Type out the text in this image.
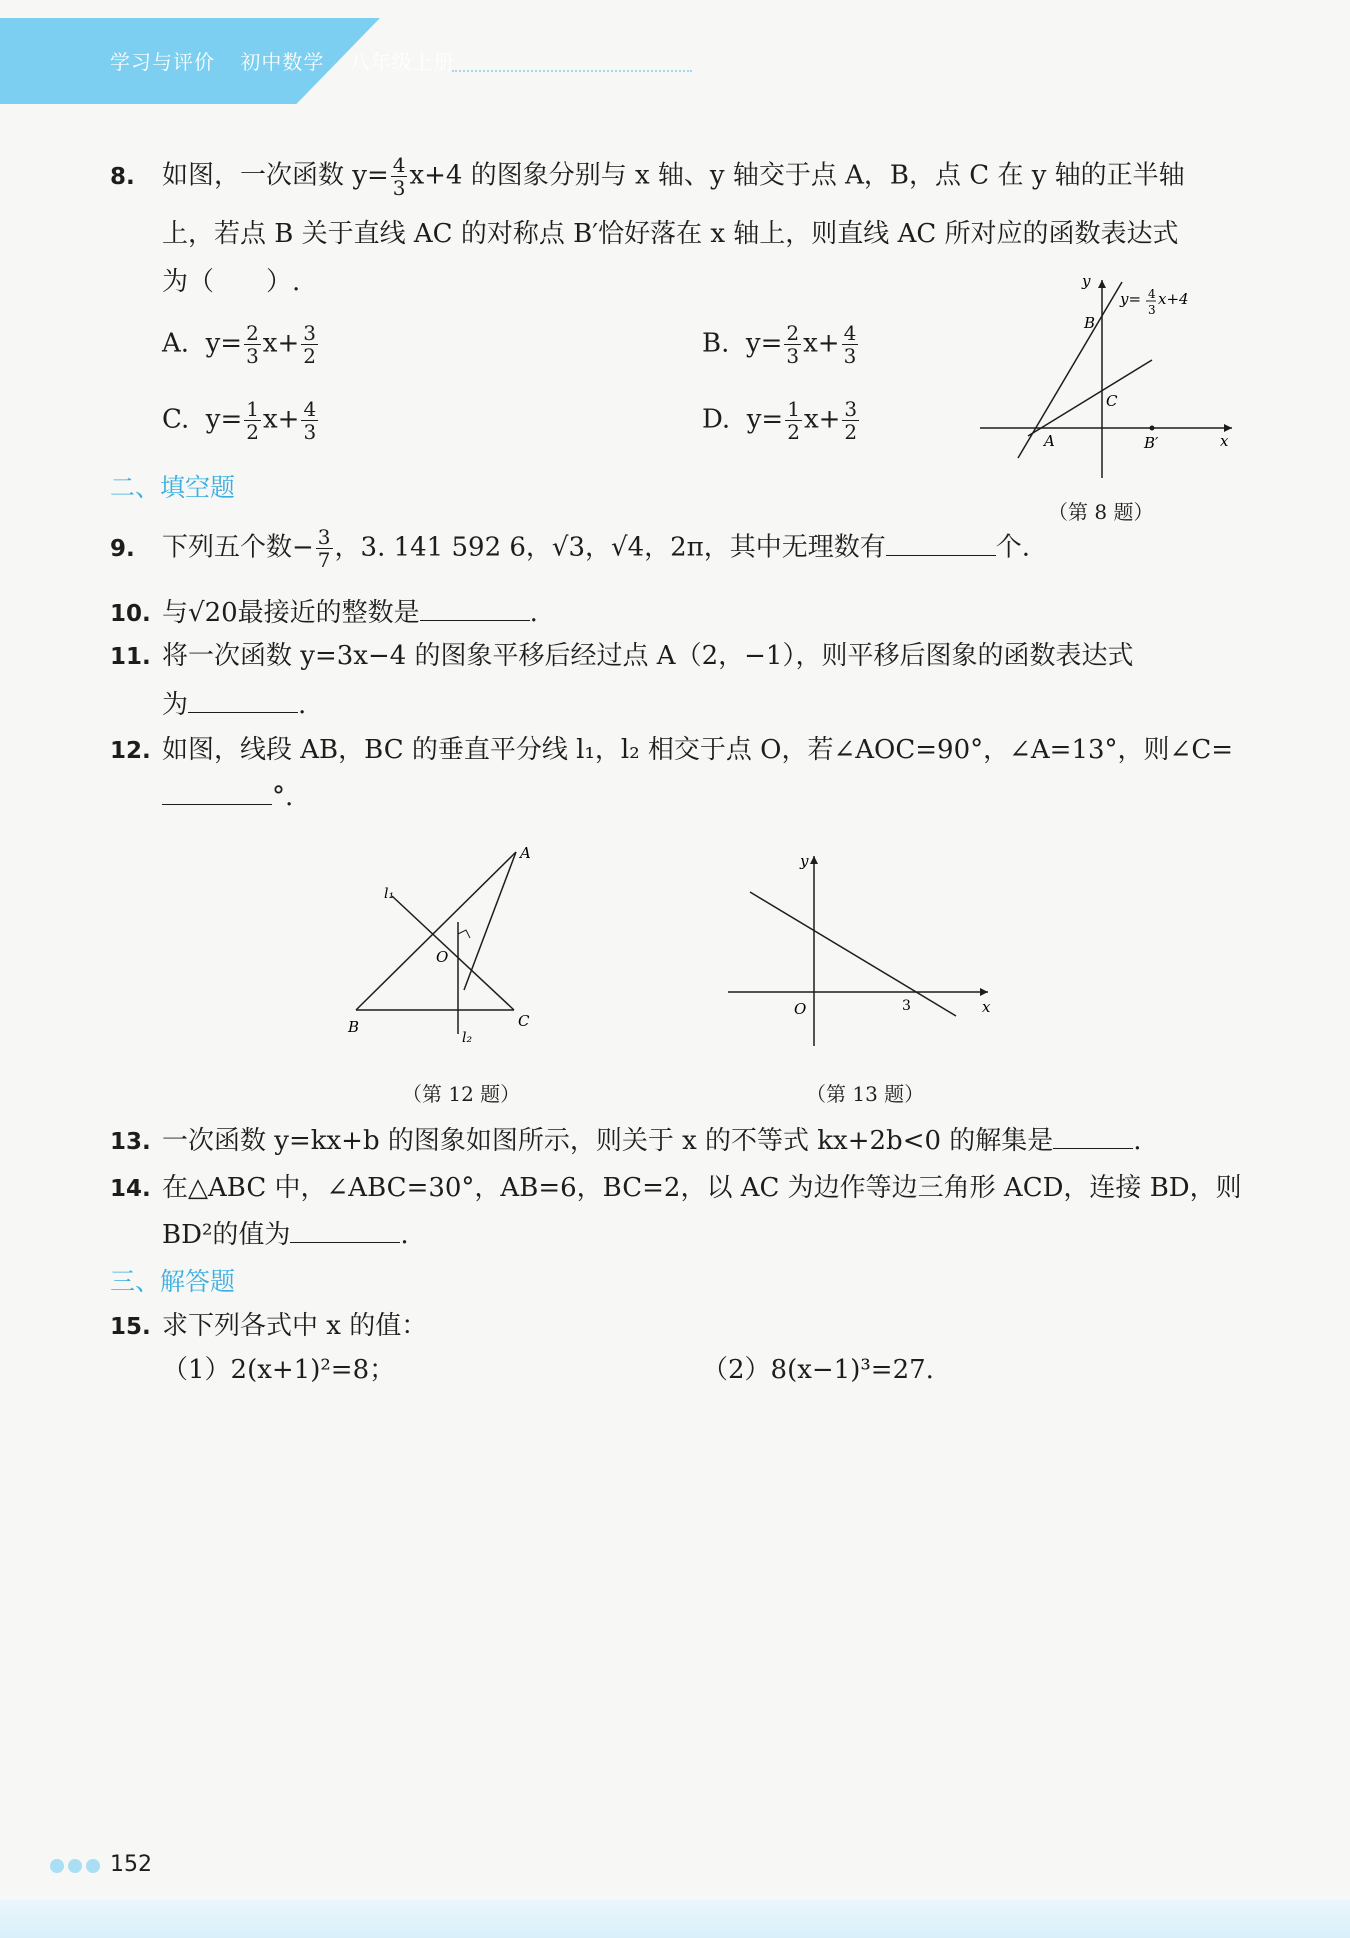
学习与评价 初中数学 八年级上册
8. 如图，一次函数 $y= \frac{4}{3} x+4$ 的图象分别与 x 轴、y 轴交于点 A，B，点 C 在 y 轴的正半轴
上，若点 B 关于直线 AC 的对称点 B′恰好落在 x 轴上，则直线 AC 所对应的函数表达式
为（　　）.
A. $y= \frac{2}{3} x+ \frac{3}{2}$	B. $y= \frac{2}{3} x+ \frac{4}{3}$
C. $y= \frac{1}{2} x+ \frac{4}{3}$	D. $y= \frac{1}{2} x+ \frac{3}{2}$
y
x
y= 4
3
x+4
B
C
A	B′
（第 8 题）
二、填空题
9. 下列五个数− $\frac{3}{7}$ ，3. 141 592 6，√3，√4，2π，其中无理数有	个.
10. 与√20最接近的整数是	.
11. 将一次函数 y=3x−4 的图象平移后经过点 A（2，−1），则平移后图象的函数表达式
为	.
12. 如图，线段 AB，BC 的垂直平分线 l₁，l₂ 相交于点 O，若∠AOC=90°，∠A=13°，则∠C=
°.
A
B	C
O
l₁
l₂
（第 12 题）
y
x
O	3
（第 13 题）
13. 一次函数 y=kx+b 的图象如图所示，则关于 x 的不等式 kx+2b<0 的解集是	.
14. 在△ABC 中，∠ABC=30°，AB=6，BC=2，以 AC 为边作等边三角形 ACD，连接 BD，则
BD²的值为	.
三、解答题
15. 求下列各式中 x 的值：
（1）2(x+1)²=8；	（2）8(x−1)³=27.
152
